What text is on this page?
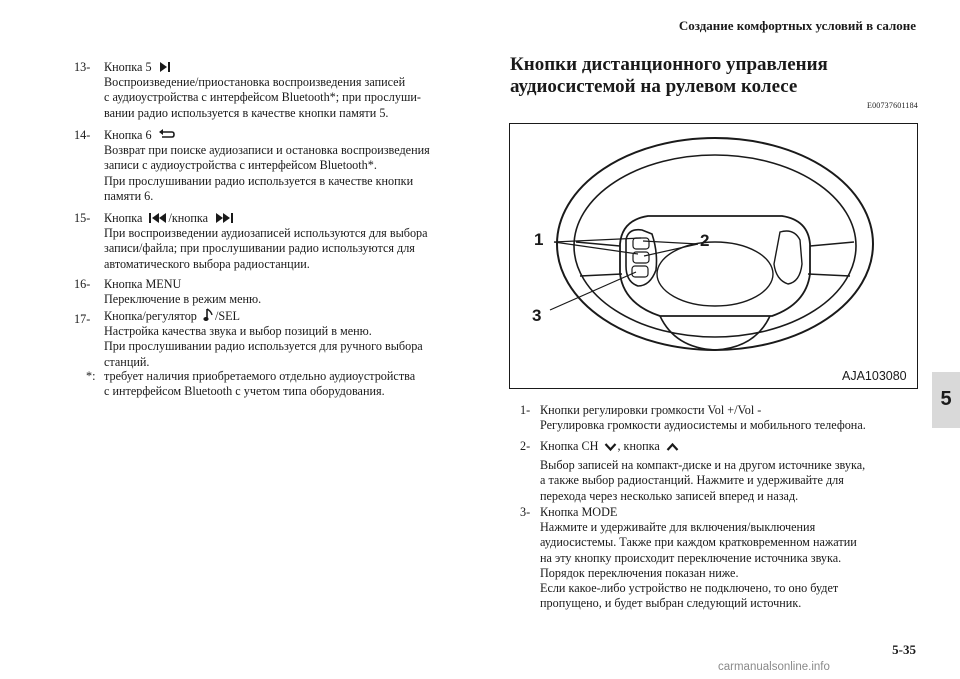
Создание комфортных условий в салоне
5
5-35
carmanualsonline.info
13- Кнопка 5
Воспроизведение/приостановка воспроизведения записей
с аудиоустройства с интерфейсом Bluetooth*; при прослуши-
вании радио используется в качестве кнопки памяти 5.
14- Кнопка 6
Возврат при поиске аудиозаписи и остановка воспроизведения
записи с аудиоустройства с интерфейсом Bluetooth*.
При прослушивании радио используется в качестве кнопки
памяти 6.
15- Кнопка /кнопка
При воспроизведении аудиозаписей используются для выбора
записи/файла; при прослушивании радио используются для
автоматического выбора радиостанции.
16- Кнопка MENU
Переключение в режим меню.
17- Кнопка/регулятор /SEL
Настройка качества звука и выбор позиций в меню.
При прослушивании радио используется для ручного выбора
станций.
*: требует наличия приобретаемого отдельно аудиоустройства
с интерфейсом Bluetooth с учетом типа оборудования.
Кнопки дистанционного управления
аудиосистемой на рулевом колесе
E00737601184
1	2
3
AJA103080
1- Кнопки регулировки громкости Vol +/Vol -
Регулировка громкости аудиосистемы и мобильного телефона.
2- Кнопка CH , кнопка
Выбор записей на компакт-диске и на другом источнике звука,
а также выбор радиостанций. Нажмите и удерживайте для
перехода через несколько записей вперед и назад.
3- Кнопка MODE
Нажмите и удерживайте для включения/выключения
аудиосистемы. Также при каждом кратковременном нажатии
на эту кнопку происходит переключение источника звука.
Порядок переключения показан ниже.
Если какое-либо устройство не подключено, то оно будет
пропущено, и будет выбран следующий источник.
